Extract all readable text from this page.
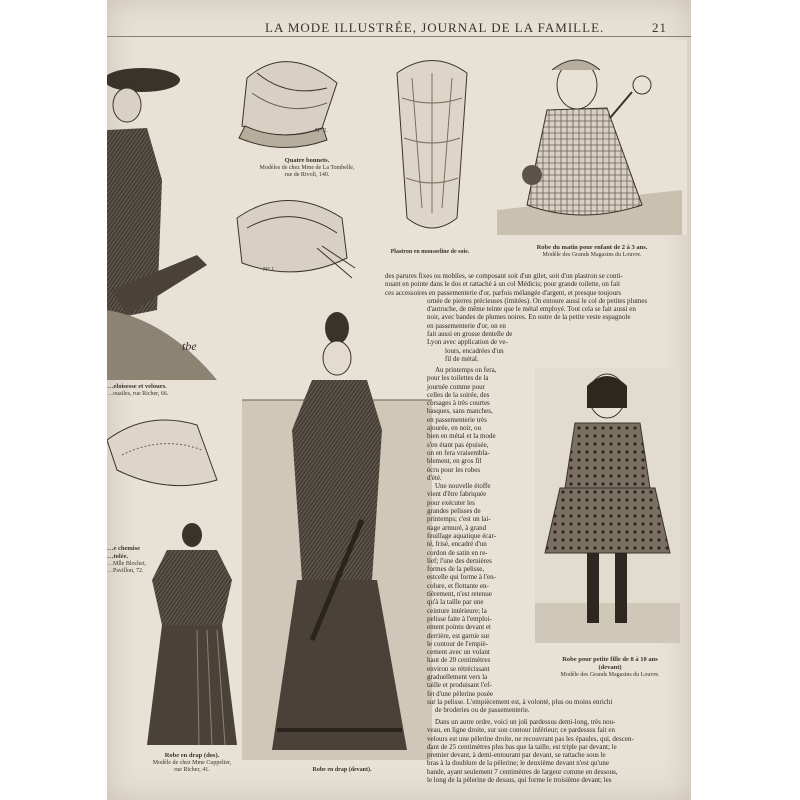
LA MODE ILLUSTRÉE, JOURNAL DE LA FAMILLE.	21
tbe
…eloisesse et velours.
…ouailes, rue Richer, 66.
N° 2.
Quatre bonnets.
Modèles de chez Mme de La Tombelle,
rue de Rivoli, 140.
N° 1.
Plastron en mousseline de soie.
Robe du matin pour enfant de 2 à 3 ans.
Modèle des Grands Magasins du Louvre.
des parures fixes ou mobiles, se composant soit d'un gilet, soit d'un plastron se conti-
nuant en pointe dans le dos et rattaché à un col Médicis; pour grande toilette, on fait
ces accessoires en passementerie d'or, parfois mélangée d'argent, et presque toujours
ornée de pierres précieuses (imitées). On entoure aussi le col de petites plumes
d'autruche, de même teinte que le métal employé. Tout cela se fait aussi en
noir, avec bandes de plumes noires. En outre de la petite veste espagnole
en passementerie d'or, on en
fait aussi en grosse dentelle de
Lyon avec application de ve-
lours, encadrées d'un
fil de métal.
…e chemise
…tolée.
…Mlle Blochet,
…Pavillon, 72.
Robe en drap (dos).
Modèle de chez Mme Cuppelier,
rue Richer, 41.	Robe en drap (devant).
Au printemps on fera,
pour les toilettes de la
journée comme pour
celles de la soirée, des
corsages à très courtes
basques, sans manches,
en passementerie très
ajourée, en noir, ou
bien en métal et la mode
s'en étant pas épuisée,
on en fera vraisembla-
blement, en gros fil
écru pour les robes
d'été.
Une nouvelle étoffe
vient d'être fabriquée
pour exécuter les
grandes pelisses de
printemps; c'est un lai-
nage armuré, à grand
feuillage aquatique écar-
té, frisé, encadré d'un
cordon de satin en re-
lief; l'une des dernières
formes de la pelisse,
estcelle qui forme à l'en-
colure, et flottante en-
tièrement, n'est retenue
qu'à la taille par une
ceinture intérieure; la
pelisse faite à l'emploi-
ement pointu devant et
derrière, est garnie sur
le contour de l'empiè-
cement avec un volant
haut de 20 centimètres
environ se rétrécissant
graduellement vers la
taille et produisant l'ef-
fet d'une pèlerine posée
sur la pelisse. L'empiècement est, à volonté, plus ou moins enrichi
de broderies ou de passementerie.
Robe pour petite fille de 8 à 10 ans
(devant)
Modèle des Grands Magasins du Louvre.
Dans un autre ordre, voici un joli pardessus demi-long, très nou-
veau, en ligne droite, sur son contour inférieur; ce pardessus fait en
velours est une pèlerine droite, ne recouvrant pas les épaules, qui, descen-
dant de 25 centimètres plus bas que la taille, est triple par devant; le
premier devant, à demi-entourant par devant, se rattache sous le
bras à la doublure de la pèlerine; le deuxième devant n'est qu'une
bande, ayant seulement 7 centimètres de largeur comme en dessous,
le long de la pèlerine de dessus, qui forme le troisième devant; les
